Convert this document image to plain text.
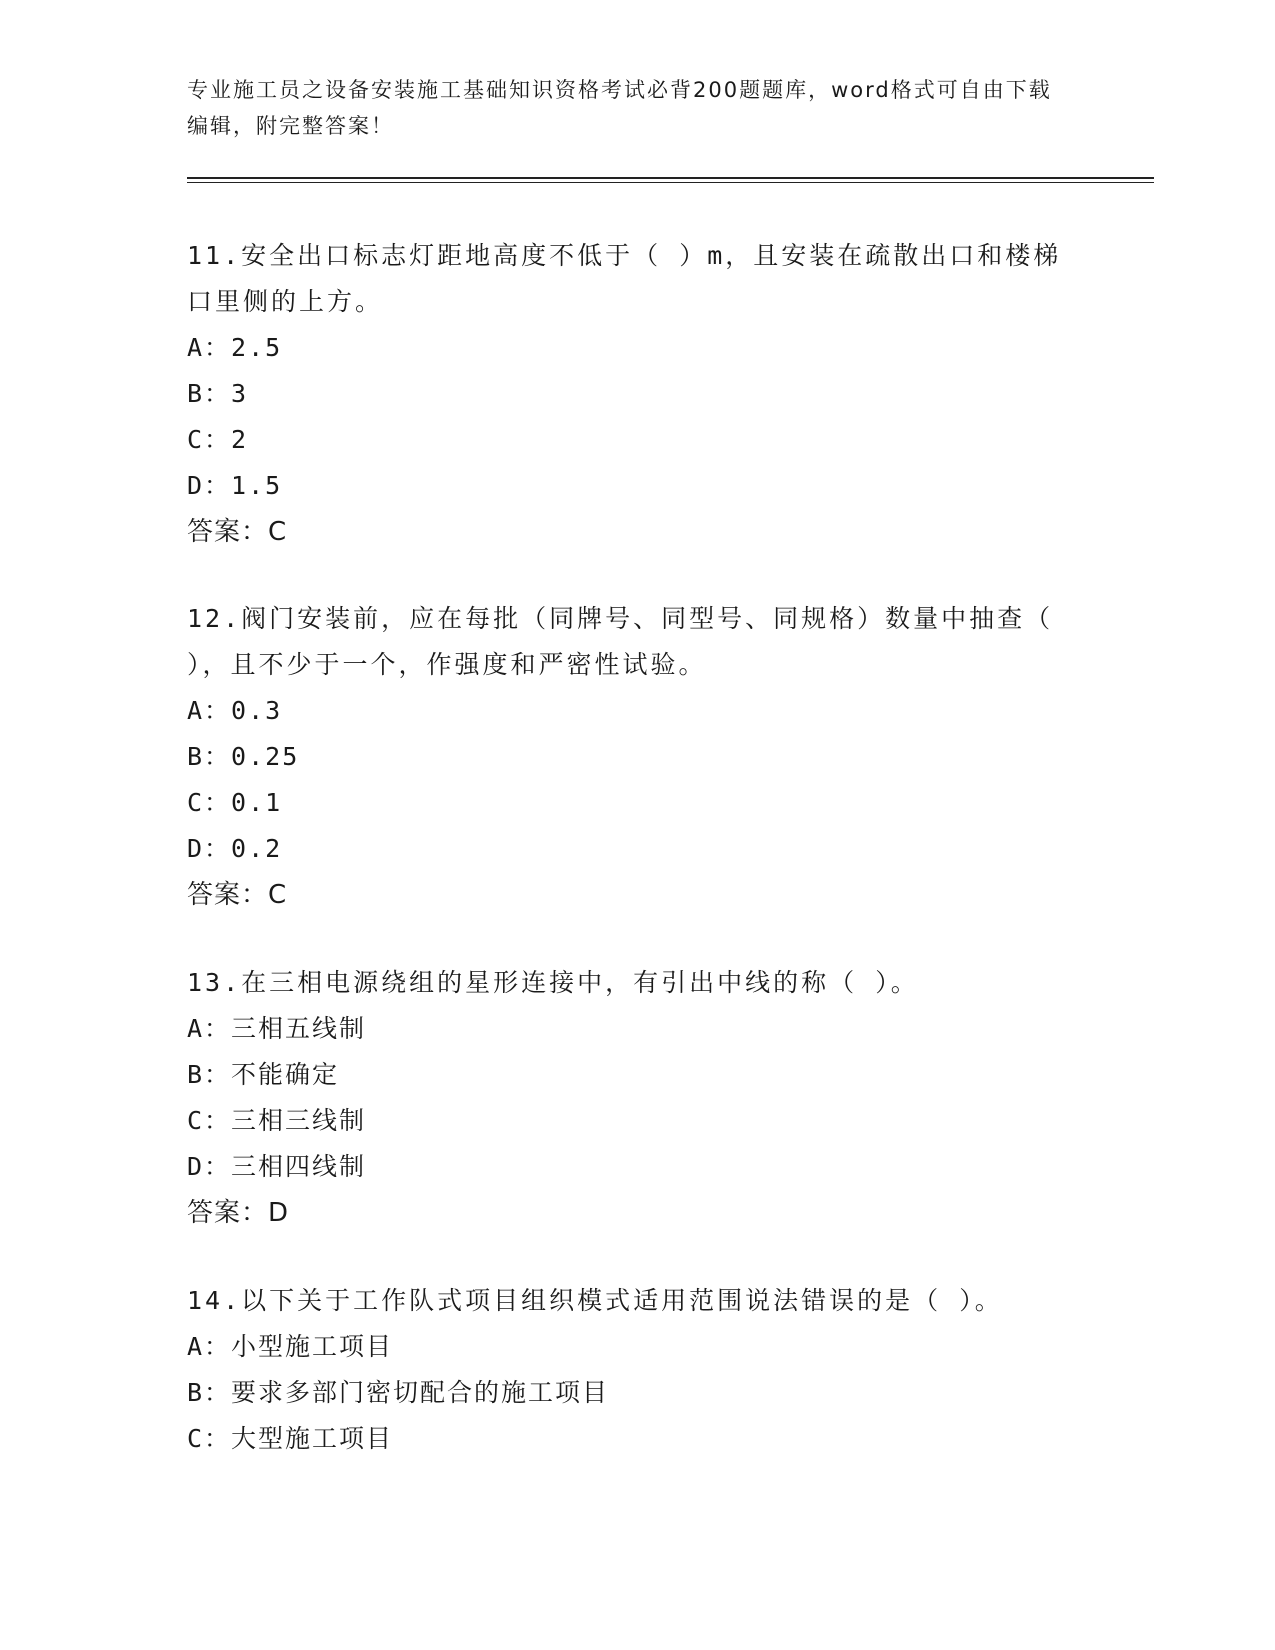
专业施工员之设备安装施工基础知识资格考试必背200题题库，word格式可自由下载编辑，附完整答案！

11.安全出口标志灯距地高度不低于（ ）m，且安装在疏散出口和楼梯口里侧的上方。

A：2.5

B：3

C：2

D：1.5

答案：C

12.阀门安装前，应在每批（同牌号、同型号、同规格）数量中抽查（ ），且不少于一个，作强度和严密性试验。

A：0.3

B：0.25

C：0.1

D：0.2

答案：C

13.在三相电源绕组的星形连接中，有引出中线的称（ ）。

A：三相五线制

B：不能确定

C：三相三线制

D：三相四线制

答案：D

14.以下关于工作队式项目组织模式适用范围说法错误的是（ ）。

A：小型施工项目

B：要求多部门密切配合的施工项目

C：大型施工项目
